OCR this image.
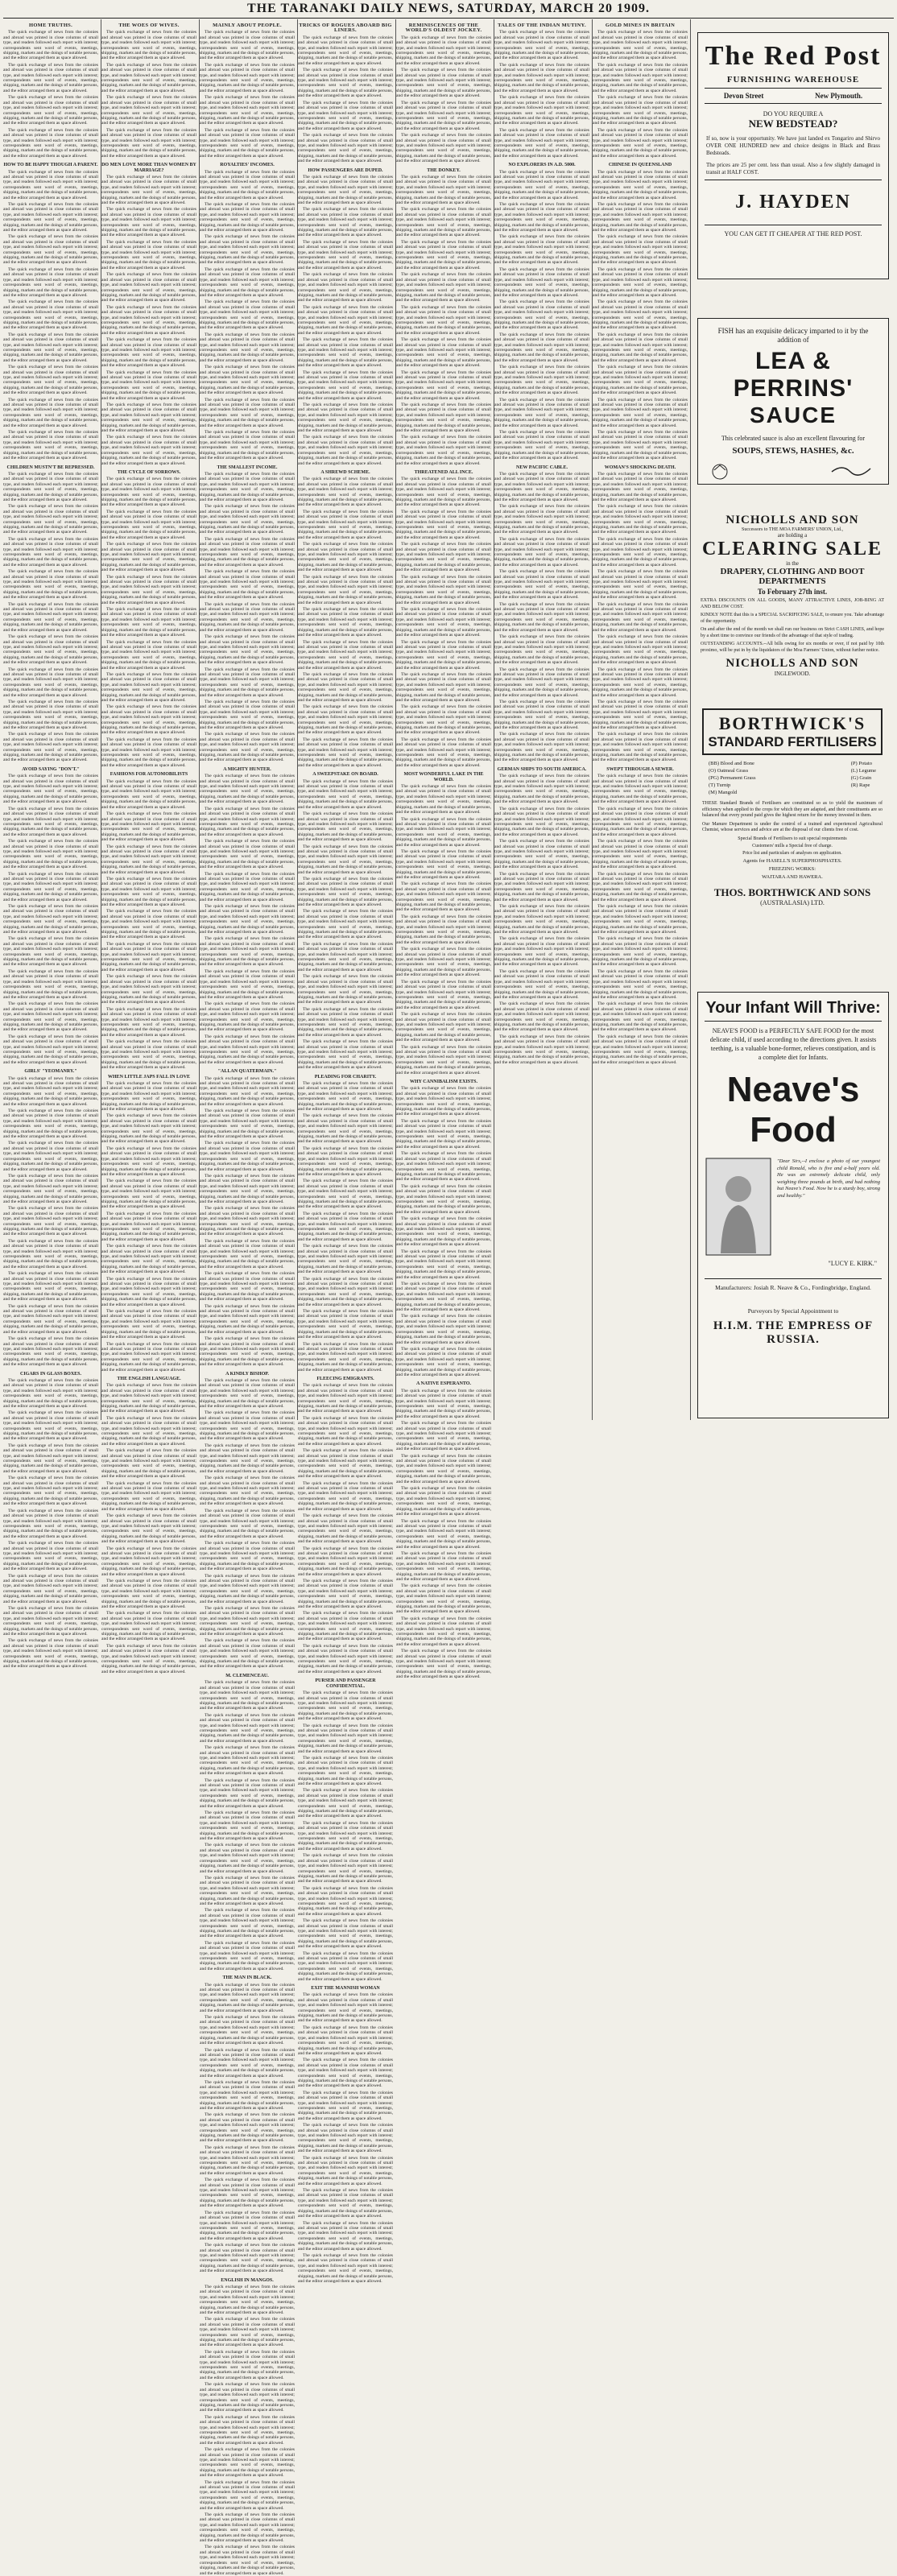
THE TARANAKI DAILY NEWS, SATURDAY, MARCH 20 1909.
HOME TRUTHS.

The quick exchange of news from the colonies and abroad was printed in close columns of small type, and readers followed each report with interest; correspondents sent word of events, meetings, shipping, markets and the doings of notable persons, and the editor arranged them as space allowed.

The quick exchange of news from the colonies and abroad was printed in close columns of small type, and readers followed each report with interest; correspondents sent word of events, meetings, shipping, markets and the doings of notable persons, and the editor arranged them as space allowed.

The quick exchange of news from the colonies and abroad was printed in close columns of small type, and readers followed each report with interest; correspondents sent word of events, meetings, shipping, markets and the doings of notable persons, and the editor arranged them as space allowed.

The quick exchange of news from the colonies and abroad was printed in close columns of small type, and readers followed each report with interest; correspondents sent word of events, meetings, shipping, markets and the doings of notable persons, and the editor arranged them as space allowed.

HOW TO BE HAPPY THOUGH A PARENT.

The quick exchange of news from the colonies and abroad was printed in close columns of small type, and readers followed each report with interest; correspondents sent word of events, meetings, shipping, markets and the doings of notable persons, and the editor arranged them as space allowed.

The quick exchange of news from the colonies and abroad was printed in close columns of small type, and readers followed each report with interest; correspondents sent word of events, meetings, shipping, markets and the doings of notable persons, and the editor arranged them as space allowed.

The quick exchange of news from the colonies and abroad was printed in close columns of small type, and readers followed each report with interest; correspondents sent word of events, meetings, shipping, markets and the doings of notable persons, and the editor arranged them as space allowed.

The quick exchange of news from the colonies and abroad was printed in close columns of small type, and readers followed each report with interest; correspondents sent word of events, meetings, shipping, markets and the doings of notable persons, and the editor arranged them as space allowed.

The quick exchange of news from the colonies and abroad was printed in close columns of small type, and readers followed each report with interest; correspondents sent word of events, meetings, shipping, markets and the doings of notable persons, and the editor arranged them as space allowed.

The quick exchange of news from the colonies and abroad was printed in close columns of small type, and readers followed each report with interest; correspondents sent word of events, meetings, shipping, markets and the doings of notable persons, and the editor arranged them as space allowed.

The quick exchange of news from the colonies and abroad was printed in close columns of small type, and readers followed each report with interest; correspondents sent word of events, meetings, shipping, markets and the doings of notable persons, and the editor arranged them as space allowed.

The quick exchange of news from the colonies and abroad was printed in close columns of small type, and readers followed each report with interest; correspondents sent word of events, meetings, shipping, markets and the doings of notable persons, and the editor arranged them as space allowed.

The quick exchange of news from the colonies and abroad was printed in close columns of small type, and readers followed each report with interest; correspondents sent word of events, meetings, shipping, markets and the doings of notable persons, and the editor arranged them as space allowed.

CHILDREN MUSTN'T BE REPRESSED.

The quick exchange of news from the colonies and abroad was printed in close columns of small type, and readers followed each report with interest; correspondents sent word of events, meetings, shipping, markets and the doings of notable persons, and the editor arranged them as space allowed.

The quick exchange of news from the colonies and abroad was printed in close columns of small type, and readers followed each report with interest; correspondents sent word of events, meetings, shipping, markets and the doings of notable persons, and the editor arranged them as space allowed.

The quick exchange of news from the colonies and abroad was printed in close columns of small type, and readers followed each report with interest; correspondents sent word of events, meetings, shipping, markets and the doings of notable persons, and the editor arranged them as space allowed.

The quick exchange of news from the colonies and abroad was printed in close columns of small type, and readers followed each report with interest; correspondents sent word of events, meetings, shipping, markets and the doings of notable persons, and the editor arranged them as space allowed.

The quick exchange of news from the colonies and abroad was printed in close columns of small type, and readers followed each report with interest; correspondents sent word of events, meetings, shipping, markets and the doings of notable persons, and the editor arranged them as space allowed.

The quick exchange of news from the colonies and abroad was printed in close columns of small type, and readers followed each report with interest; correspondents sent word of events, meetings, shipping, markets and the doings of notable persons, and the editor arranged them as space allowed.

The quick exchange of news from the colonies and abroad was printed in close columns of small type, and readers followed each report with interest; correspondents sent word of events, meetings, shipping, markets and the doings of notable persons, and the editor arranged them as space allowed.

The quick exchange of news from the colonies and abroad was printed in close columns of small type, and readers followed each report with interest; correspondents sent word of events, meetings, shipping, markets and the doings of notable persons, and the editor arranged them as space allowed.

The quick exchange of news from the colonies and abroad was printed in close columns of small type, and readers followed each report with interest; correspondents sent word of events, meetings, shipping, markets and the doings of notable persons, and the editor arranged them as space allowed.

AVOID SAYING "DON'T."

The quick exchange of news from the colonies and abroad was printed in close columns of small type, and readers followed each report with interest; correspondents sent word of events, meetings, shipping, markets and the doings of notable persons, and the editor arranged them as space allowed.

The quick exchange of news from the colonies and abroad was printed in close columns of small type, and readers followed each report with interest; correspondents sent word of events, meetings, shipping, markets and the doings of notable persons, and the editor arranged them as space allowed.

The quick exchange of news from the colonies and abroad was printed in close columns of small type, and readers followed each report with interest; correspondents sent word of events, meetings, shipping, markets and the doings of notable persons, and the editor arranged them as space allowed.

The quick exchange of news from the colonies and abroad was printed in close columns of small type, and readers followed each report with interest; correspondents sent word of events, meetings, shipping, markets and the doings of notable persons, and the editor arranged them as space allowed.

The quick exchange of news from the colonies and abroad was printed in close columns of small type, and readers followed each report with interest; correspondents sent word of events, meetings, shipping, markets and the doings of notable persons, and the editor arranged them as space allowed.

The quick exchange of news from the colonies and abroad was printed in close columns of small type, and readers followed each report with interest; correspondents sent word of events, meetings, shipping, markets and the doings of notable persons, and the editor arranged them as space allowed.

The quick exchange of news from the colonies and abroad was printed in close columns of small type, and readers followed each report with interest; correspondents sent word of events, meetings, shipping, markets and the doings of notable persons, and the editor arranged them as space allowed.

The quick exchange of news from the colonies and abroad was printed in close columns of small type, and readers followed each report with interest; correspondents sent word of events, meetings, shipping, markets and the doings of notable persons, and the editor arranged them as space allowed.

The quick exchange of news from the colonies and abroad was printed in close columns of small type, and readers followed each report with interest; correspondents sent word of events, meetings, shipping, markets and the doings of notable persons, and the editor arranged them as space allowed.

GIRLS' "YEOMANRY."

The quick exchange of news from the colonies and abroad was printed in close columns of small type, and readers followed each report with interest; correspondents sent word of events, meetings, shipping, markets and the doings of notable persons, and the editor arranged them as space allowed.

The quick exchange of news from the colonies and abroad was printed in close columns of small type, and readers followed each report with interest; correspondents sent word of events, meetings, shipping, markets and the doings of notable persons, and the editor arranged them as space allowed.

The quick exchange of news from the colonies and abroad was printed in close columns of small type, and readers followed each report with interest; correspondents sent word of events, meetings, shipping, markets and the doings of notable persons, and the editor arranged them as space allowed.

The quick exchange of news from the colonies and abroad was printed in close columns of small type, and readers followed each report with interest; correspondents sent word of events, meetings, shipping, markets and the doings of notable persons, and the editor arranged them as space allowed.

The quick exchange of news from the colonies and abroad was printed in close columns of small type, and readers followed each report with interest; correspondents sent word of events, meetings, shipping, markets and the doings of notable persons, and the editor arranged them as space allowed.

The quick exchange of news from the colonies and abroad was printed in close columns of small type, and readers followed each report with interest; correspondents sent word of events, meetings, shipping, markets and the doings of notable persons, and the editor arranged them as space allowed.

The quick exchange of news from the colonies and abroad was printed in close columns of small type, and readers followed each report with interest; correspondents sent word of events, meetings, shipping, markets and the doings of notable persons, and the editor arranged them as space allowed.

The quick exchange of news from the colonies and abroad was printed in close columns of small type, and readers followed each report with interest; correspondents sent word of events, meetings, shipping, markets and the doings of notable persons, and the editor arranged them as space allowed.

The quick exchange of news from the colonies and abroad was printed in close columns of small type, and readers followed each report with interest; correspondents sent word of events, meetings, shipping, markets and the doings of notable persons, and the editor arranged them as space allowed.

CIGARS IN GLASS BOXES.

The quick exchange of news from the colonies and abroad was printed in close columns of small type, and readers followed each report with interest; correspondents sent word of events, meetings, shipping, markets and the doings of notable persons, and the editor arranged them as space allowed.

The quick exchange of news from the colonies and abroad was printed in close columns of small type, and readers followed each report with interest; correspondents sent word of events, meetings, shipping, markets and the doings of notable persons, and the editor arranged them as space allowed.

The quick exchange of news from the colonies and abroad was printed in close columns of small type, and readers followed each report with interest; correspondents sent word of events, meetings, shipping, markets and the doings of notable persons, and the editor arranged them as space allowed.

The quick exchange of news from the colonies and abroad was printed in close columns of small type, and readers followed each report with interest; correspondents sent word of events, meetings, shipping, markets and the doings of notable persons, and the editor arranged them as space allowed.

The quick exchange of news from the colonies and abroad was printed in close columns of small type, and readers followed each report with interest; correspondents sent word of events, meetings, shipping, markets and the doings of notable persons, and the editor arranged them as space allowed.

The quick exchange of news from the colonies and abroad was printed in close columns of small type, and readers followed each report with interest; correspondents sent word of events, meetings, shipping, markets and the doings of notable persons, and the editor arranged them as space allowed.

The quick exchange of news from the colonies and abroad was printed in close columns of small type, and readers followed each report with interest; correspondents sent word of events, meetings, shipping, markets and the doings of notable persons, and the editor arranged them as space allowed.

The quick exchange of news from the colonies and abroad was printed in close columns of small type, and readers followed each report with interest; correspondents sent word of events, meetings, shipping, markets and the doings of notable persons, and the editor arranged them as space allowed.

The quick exchange of news from the colonies and abroad was printed in close columns of small type, and readers followed each report with interest; correspondents sent word of events, meetings, shipping, markets and the doings of notable persons, and the editor arranged them as space allowed.

THE WOES OF WIVES.

The quick exchange of news from the colonies and abroad was printed in close columns of small type, and readers followed each report with interest; correspondents sent word of events, meetings, shipping, markets and the doings of notable persons, and the editor arranged them as space allowed.

The quick exchange of news from the colonies and abroad was printed in close columns of small type, and readers followed each report with interest; correspondents sent word of events, meetings, shipping, markets and the doings of notable persons, and the editor arranged them as space allowed.

The quick exchange of news from the colonies and abroad was printed in close columns of small type, and readers followed each report with interest; correspondents sent word of events, meetings, shipping, markets and the doings of notable persons, and the editor arranged them as space allowed.

The quick exchange of news from the colonies and abroad was printed in close columns of small type, and readers followed each report with interest; correspondents sent word of events, meetings, shipping, markets and the doings of notable persons, and the editor arranged them as space allowed.

DO MEN LOVE MORE THAN WOMEN BY MARRIAGE?

The quick exchange of news from the colonies and abroad was printed in close columns of small type, and readers followed each report with interest; correspondents sent word of events, meetings, shipping, markets and the doings of notable persons, and the editor arranged them as space allowed.

The quick exchange of news from the colonies and abroad was printed in close columns of small type, and readers followed each report with interest; correspondents sent word of events, meetings, shipping, markets and the doings of notable persons, and the editor arranged them as space allowed.

The quick exchange of news from the colonies and abroad was printed in close columns of small type, and readers followed each report with interest; correspondents sent word of events, meetings, shipping, markets and the doings of notable persons, and the editor arranged them as space allowed.

The quick exchange of news from the colonies and abroad was printed in close columns of small type, and readers followed each report with interest; correspondents sent word of events, meetings, shipping, markets and the doings of notable persons, and the editor arranged them as space allowed.

The quick exchange of news from the colonies and abroad was printed in close columns of small type, and readers followed each report with interest; correspondents sent word of events, meetings, shipping, markets and the doings of notable persons, and the editor arranged them as space allowed.

The quick exchange of news from the colonies and abroad was printed in close columns of small type, and readers followed each report with interest; correspondents sent word of events, meetings, shipping, markets and the doings of notable persons, and the editor arranged them as space allowed.

The quick exchange of news from the colonies and abroad was printed in close columns of small type, and readers followed each report with interest; correspondents sent word of events, meetings, shipping, markets and the doings of notable persons, and the editor arranged them as space allowed.

The quick exchange of news from the colonies and abroad was printed in close columns of small type, and readers followed each report with interest; correspondents sent word of events, meetings, shipping, markets and the doings of notable persons, and the editor arranged them as space allowed.

The quick exchange of news from the colonies and abroad was printed in close columns of small type, and readers followed each report with interest; correspondents sent word of events, meetings, shipping, markets and the doings of notable persons, and the editor arranged them as space allowed.

THE CYCLE OF SORROWS.

The quick exchange of news from the colonies and abroad was printed in close columns of small type, and readers followed each report with interest; correspondents sent word of events, meetings, shipping, markets and the doings of notable persons, and the editor arranged them as space allowed.

The quick exchange of news from the colonies and abroad was printed in close columns of small type, and readers followed each report with interest; correspondents sent word of events, meetings, shipping, markets and the doings of notable persons, and the editor arranged them as space allowed.

The quick exchange of news from the colonies and abroad was printed in close columns of small type, and readers followed each report with interest; correspondents sent word of events, meetings, shipping, markets and the doings of notable persons, and the editor arranged them as space allowed.

The quick exchange of news from the colonies and abroad was printed in close columns of small type, and readers followed each report with interest; correspondents sent word of events, meetings, shipping, markets and the doings of notable persons, and the editor arranged them as space allowed.

The quick exchange of news from the colonies and abroad was printed in close columns of small type, and readers followed each report with interest; correspondents sent word of events, meetings, shipping, markets and the doings of notable persons, and the editor arranged them as space allowed.

The quick exchange of news from the colonies and abroad was printed in close columns of small type, and readers followed each report with interest; correspondents sent word of events, meetings, shipping, markets and the doings of notable persons, and the editor arranged them as space allowed.

The quick exchange of news from the colonies and abroad was printed in close columns of small type, and readers followed each report with interest; correspondents sent word of events, meetings, shipping, markets and the doings of notable persons, and the editor arranged them as space allowed.

The quick exchange of news from the colonies and abroad was printed in close columns of small type, and readers followed each report with interest; correspondents sent word of events, meetings, shipping, markets and the doings of notable persons, and the editor arranged them as space allowed.

The quick exchange of news from the colonies and abroad was printed in close columns of small type, and readers followed each report with interest; correspondents sent word of events, meetings, shipping, markets and the doings of notable persons, and the editor arranged them as space allowed.

FASHIONS FOR AUTOMOBILISTS

The quick exchange of news from the colonies and abroad was printed in close columns of small type, and readers followed each report with interest; correspondents sent word of events, meetings, shipping, markets and the doings of notable persons, and the editor arranged them as space allowed.

The quick exchange of news from the colonies and abroad was printed in close columns of small type, and readers followed each report with interest; correspondents sent word of events, meetings, shipping, markets and the doings of notable persons, and the editor arranged them as space allowed.

The quick exchange of news from the colonies and abroad was printed in close columns of small type, and readers followed each report with interest; correspondents sent word of events, meetings, shipping, markets and the doings of notable persons, and the editor arranged them as space allowed.

The quick exchange of news from the colonies and abroad was printed in close columns of small type, and readers followed each report with interest; correspondents sent word of events, meetings, shipping, markets and the doings of notable persons, and the editor arranged them as space allowed.

The quick exchange of news from the colonies and abroad was printed in close columns of small type, and readers followed each report with interest; correspondents sent word of events, meetings, shipping, markets and the doings of notable persons, and the editor arranged them as space allowed.

The quick exchange of news from the colonies and abroad was printed in close columns of small type, and readers followed each report with interest; correspondents sent word of events, meetings, shipping, markets and the doings of notable persons, and the editor arranged them as space allowed.

The quick exchange of news from the colonies and abroad was printed in close columns of small type, and readers followed each report with interest; correspondents sent word of events, meetings, shipping, markets and the doings of notable persons, and the editor arranged them as space allowed.

The quick exchange of news from the colonies and abroad was printed in close columns of small type, and readers followed each report with interest; correspondents sent word of events, meetings, shipping, markets and the doings of notable persons, and the editor arranged them as space allowed.

The quick exchange of news from the colonies and abroad was printed in close columns of small type, and readers followed each report with interest; correspondents sent word of events, meetings, shipping, markets and the doings of notable persons, and the editor arranged them as space allowed.

WHEN LITTLE JAPS FALL IN LOVE

The quick exchange of news from the colonies and abroad was printed in close columns of small type, and readers followed each report with interest; correspondents sent word of events, meetings, shipping, markets and the doings of notable persons, and the editor arranged them as space allowed.

The quick exchange of news from the colonies and abroad was printed in close columns of small type, and readers followed each report with interest; correspondents sent word of events, meetings, shipping, markets and the doings of notable persons, and the editor arranged them as space allowed.

The quick exchange of news from the colonies and abroad was printed in close columns of small type, and readers followed each report with interest; correspondents sent word of events, meetings, shipping, markets and the doings of notable persons, and the editor arranged them as space allowed.

The quick exchange of news from the colonies and abroad was printed in close columns of small type, and readers followed each report with interest; correspondents sent word of events, meetings, shipping, markets and the doings of notable persons, and the editor arranged them as space allowed.

The quick exchange of news from the colonies and abroad was printed in close columns of small type, and readers followed each report with interest; correspondents sent word of events, meetings, shipping, markets and the doings of notable persons, and the editor arranged them as space allowed.

The quick exchange of news from the colonies and abroad was printed in close columns of small type, and readers followed each report with interest; correspondents sent word of events, meetings, shipping, markets and the doings of notable persons, and the editor arranged them as space allowed.

The quick exchange of news from the colonies and abroad was printed in close columns of small type, and readers followed each report with interest; correspondents sent word of events, meetings, shipping, markets and the doings of notable persons, and the editor arranged them as space allowed.

The quick exchange of news from the colonies and abroad was printed in close columns of small type, and readers followed each report with interest; correspondents sent word of events, meetings, shipping, markets and the doings of notable persons, and the editor arranged them as space allowed.

The quick exchange of news from the colonies and abroad was printed in close columns of small type, and readers followed each report with interest; correspondents sent word of events, meetings, shipping, markets and the doings of notable persons, and the editor arranged them as space allowed.

THE ENGLISH LANGUAGE.

The quick exchange of news from the colonies and abroad was printed in close columns of small type, and readers followed each report with interest; correspondents sent word of events, meetings, shipping, markets and the doings of notable persons, and the editor arranged them as space allowed.

The quick exchange of news from the colonies and abroad was printed in close columns of small type, and readers followed each report with interest; correspondents sent word of events, meetings, shipping, markets and the doings of notable persons, and the editor arranged them as space allowed.

The quick exchange of news from the colonies and abroad was printed in close columns of small type, and readers followed each report with interest; correspondents sent word of events, meetings, shipping, markets and the doings of notable persons, and the editor arranged them as space allowed.

The quick exchange of news from the colonies and abroad was printed in close columns of small type, and readers followed each report with interest; correspondents sent word of events, meetings, shipping, markets and the doings of notable persons, and the editor arranged them as space allowed.

The quick exchange of news from the colonies and abroad was printed in close columns of small type, and readers followed each report with interest; correspondents sent word of events, meetings, shipping, markets and the doings of notable persons, and the editor arranged them as space allowed.

The quick exchange of news from the colonies and abroad was printed in close columns of small type, and readers followed each report with interest; correspondents sent word of events, meetings, shipping, markets and the doings of notable persons, and the editor arranged them as space allowed.

The quick exchange of news from the colonies and abroad was printed in close columns of small type, and readers followed each report with interest; correspondents sent word of events, meetings, shipping, markets and the doings of notable persons, and the editor arranged them as space allowed.

The quick exchange of news from the colonies and abroad was printed in close columns of small type, and readers followed each report with interest; correspondents sent word of events, meetings, shipping, markets and the doings of notable persons, and the editor arranged them as space allowed.

The quick exchange of news from the colonies and abroad was printed in close columns of small type, and readers followed each report with interest; correspondents sent word of events, meetings, shipping, markets and the doings of notable persons, and the editor arranged them as space allowed.

MAINLY ABOUT PEOPLE.

The quick exchange of news from the colonies and abroad was printed in close columns of small type, and readers followed each report with interest; correspondents sent word of events, meetings, shipping, markets and the doings of notable persons, and the editor arranged them as space allowed.

The quick exchange of news from the colonies and abroad was printed in close columns of small type, and readers followed each report with interest; correspondents sent word of events, meetings, shipping, markets and the doings of notable persons, and the editor arranged them as space allowed.

The quick exchange of news from the colonies and abroad was printed in close columns of small type, and readers followed each report with interest; correspondents sent word of events, meetings, shipping, markets and the doings of notable persons, and the editor arranged them as space allowed.

The quick exchange of news from the colonies and abroad was printed in close columns of small type, and readers followed each report with interest; correspondents sent word of events, meetings, shipping, markets and the doings of notable persons, and the editor arranged them as space allowed.

ROYALTIES' INCOMES.

The quick exchange of news from the colonies and abroad was printed in close columns of small type, and readers followed each report with interest; correspondents sent word of events, meetings, shipping, markets and the doings of notable persons, and the editor arranged them as space allowed.

The quick exchange of news from the colonies and abroad was printed in close columns of small type, and readers followed each report with interest; correspondents sent word of events, meetings, shipping, markets and the doings of notable persons, and the editor arranged them as space allowed.

The quick exchange of news from the colonies and abroad was printed in close columns of small type, and readers followed each report with interest; correspondents sent word of events, meetings, shipping, markets and the doings of notable persons, and the editor arranged them as space allowed.

The quick exchange of news from the colonies and abroad was printed in close columns of small type, and readers followed each report with interest; correspondents sent word of events, meetings, shipping, markets and the doings of notable persons, and the editor arranged them as space allowed.

The quick exchange of news from the colonies and abroad was printed in close columns of small type, and readers followed each report with interest; correspondents sent word of events, meetings, shipping, markets and the doings of notable persons, and the editor arranged them as space allowed.

The quick exchange of news from the colonies and abroad was printed in close columns of small type, and readers followed each report with interest; correspondents sent word of events, meetings, shipping, markets and the doings of notable persons, and the editor arranged them as space allowed.

The quick exchange of news from the colonies and abroad was printed in close columns of small type, and readers followed each report with interest; correspondents sent word of events, meetings, shipping, markets and the doings of notable persons, and the editor arranged them as space allowed.

The quick exchange of news from the colonies and abroad was printed in close columns of small type, and readers followed each report with interest; correspondents sent word of events, meetings, shipping, markets and the doings of notable persons, and the editor arranged them as space allowed.

The quick exchange of news from the colonies and abroad was printed in close columns of small type, and readers followed each report with interest; correspondents sent word of events, meetings, shipping, markets and the doings of notable persons, and the editor arranged them as space allowed.

THE SMALLEST INCOME.

The quick exchange of news from the colonies and abroad was printed in close columns of small type, and readers followed each report with interest; correspondents sent word of events, meetings, shipping, markets and the doings of notable persons, and the editor arranged them as space allowed.

The quick exchange of news from the colonies and abroad was printed in close columns of small type, and readers followed each report with interest; correspondents sent word of events, meetings, shipping, markets and the doings of notable persons, and the editor arranged them as space allowed.

The quick exchange of news from the colonies and abroad was printed in close columns of small type, and readers followed each report with interest; correspondents sent word of events, meetings, shipping, markets and the doings of notable persons, and the editor arranged them as space allowed.

The quick exchange of news from the colonies and abroad was printed in close columns of small type, and readers followed each report with interest; correspondents sent word of events, meetings, shipping, markets and the doings of notable persons, and the editor arranged them as space allowed.

The quick exchange of news from the colonies and abroad was printed in close columns of small type, and readers followed each report with interest; correspondents sent word of events, meetings, shipping, markets and the doings of notable persons, and the editor arranged them as space allowed.

The quick exchange of news from the colonies and abroad was printed in close columns of small type, and readers followed each report with interest; correspondents sent word of events, meetings, shipping, markets and the doings of notable persons, and the editor arranged them as space allowed.

The quick exchange of news from the colonies and abroad was printed in close columns of small type, and readers followed each report with interest; correspondents sent word of events, meetings, shipping, markets and the doings of notable persons, and the editor arranged them as space allowed.

The quick exchange of news from the colonies and abroad was printed in close columns of small type, and readers followed each report with interest; correspondents sent word of events, meetings, shipping, markets and the doings of notable persons, and the editor arranged them as space allowed.

The quick exchange of news from the colonies and abroad was printed in close columns of small type, and readers followed each report with interest; correspondents sent word of events, meetings, shipping, markets and the doings of notable persons, and the editor arranged them as space allowed.

A MIGHTY HUNTER.

The quick exchange of news from the colonies and abroad was printed in close columns of small type, and readers followed each report with interest; correspondents sent word of events, meetings, shipping, markets and the doings of notable persons, and the editor arranged them as space allowed.

The quick exchange of news from the colonies and abroad was printed in close columns of small type, and readers followed each report with interest; correspondents sent word of events, meetings, shipping, markets and the doings of notable persons, and the editor arranged them as space allowed.

The quick exchange of news from the colonies and abroad was printed in close columns of small type, and readers followed each report with interest; correspondents sent word of events, meetings, shipping, markets and the doings of notable persons, and the editor arranged them as space allowed.

The quick exchange of news from the colonies and abroad was printed in close columns of small type, and readers followed each report with interest; correspondents sent word of events, meetings, shipping, markets and the doings of notable persons, and the editor arranged them as space allowed.

The quick exchange of news from the colonies and abroad was printed in close columns of small type, and readers followed each report with interest; correspondents sent word of events, meetings, shipping, markets and the doings of notable persons, and the editor arranged them as space allowed.

The quick exchange of news from the colonies and abroad was printed in close columns of small type, and readers followed each report with interest; correspondents sent word of events, meetings, shipping, markets and the doings of notable persons, and the editor arranged them as space allowed.

The quick exchange of news from the colonies and abroad was printed in close columns of small type, and readers followed each report with interest; correspondents sent word of events, meetings, shipping, markets and the doings of notable persons, and the editor arranged them as space allowed.

The quick exchange of news from the colonies and abroad was printed in close columns of small type, and readers followed each report with interest; correspondents sent word of events, meetings, shipping, markets and the doings of notable persons, and the editor arranged them as space allowed.

The quick exchange of news from the colonies and abroad was printed in close columns of small type, and readers followed each report with interest; correspondents sent word of events, meetings, shipping, markets and the doings of notable persons, and the editor arranged them as space allowed.

"ALLAN QUATERMAIN."

The quick exchange of news from the colonies and abroad was printed in close columns of small type, and readers followed each report with interest; correspondents sent word of events, meetings, shipping, markets and the doings of notable persons, and the editor arranged them as space allowed.

The quick exchange of news from the colonies and abroad was printed in close columns of small type, and readers followed each report with interest; correspondents sent word of events, meetings, shipping, markets and the doings of notable persons, and the editor arranged them as space allowed.

The quick exchange of news from the colonies and abroad was printed in close columns of small type, and readers followed each report with interest; correspondents sent word of events, meetings, shipping, markets and the doings of notable persons, and the editor arranged them as space allowed.

The quick exchange of news from the colonies and abroad was printed in close columns of small type, and readers followed each report with interest; correspondents sent word of events, meetings, shipping, markets and the doings of notable persons, and the editor arranged them as space allowed.

The quick exchange of news from the colonies and abroad was printed in close columns of small type, and readers followed each report with interest; correspondents sent word of events, meetings, shipping, markets and the doings of notable persons, and the editor arranged them as space allowed.

The quick exchange of news from the colonies and abroad was printed in close columns of small type, and readers followed each report with interest; correspondents sent word of events, meetings, shipping, markets and the doings of notable persons, and the editor arranged them as space allowed.

The quick exchange of news from the colonies and abroad was printed in close columns of small type, and readers followed each report with interest; correspondents sent word of events, meetings, shipping, markets and the doings of notable persons, and the editor arranged them as space allowed.

The quick exchange of news from the colonies and abroad was printed in close columns of small type, and readers followed each report with interest; correspondents sent word of events, meetings, shipping, markets and the doings of notable persons, and the editor arranged them as space allowed.

The quick exchange of news from the colonies and abroad was printed in close columns of small type, and readers followed each report with interest; correspondents sent word of events, meetings, shipping, markets and the doings of notable persons, and the editor arranged them as space allowed.

A KINDLY BISHOP.

The quick exchange of news from the colonies and abroad was printed in close columns of small type, and readers followed each report with interest; correspondents sent word of events, meetings, shipping, markets and the doings of notable persons, and the editor arranged them as space allowed.

The quick exchange of news from the colonies and abroad was printed in close columns of small type, and readers followed each report with interest; correspondents sent word of events, meetings, shipping, markets and the doings of notable persons, and the editor arranged them as space allowed.

The quick exchange of news from the colonies and abroad was printed in close columns of small type, and readers followed each report with interest; correspondents sent word of events, meetings, shipping, markets and the doings of notable persons, and the editor arranged them as space allowed.

The quick exchange of news from the colonies and abroad was printed in close columns of small type, and readers followed each report with interest; correspondents sent word of events, meetings, shipping, markets and the doings of notable persons, and the editor arranged them as space allowed.

The quick exchange of news from the colonies and abroad was printed in close columns of small type, and readers followed each report with interest; correspondents sent word of events, meetings, shipping, markets and the doings of notable persons, and the editor arranged them as space allowed.

The quick exchange of news from the colonies and abroad was printed in close columns of small type, and readers followed each report with interest; correspondents sent word of events, meetings, shipping, markets and the doings of notable persons, and the editor arranged them as space allowed.

The quick exchange of news from the colonies and abroad was printed in close columns of small type, and readers followed each report with interest; correspondents sent word of events, meetings, shipping, markets and the doings of notable persons, and the editor arranged them as space allowed.

The quick exchange of news from the colonies and abroad was printed in close columns of small type, and readers followed each report with interest; correspondents sent word of events, meetings, shipping, markets and the doings of notable persons, and the editor arranged them as space allowed.

The quick exchange of news from the colonies and abroad was printed in close columns of small type, and readers followed each report with interest; correspondents sent word of events, meetings, shipping, markets and the doings of notable persons, and the editor arranged them as space allowed.

M. CLEMENCEAU.

The quick exchange of news from the colonies and abroad was printed in close columns of small type, and readers followed each report with interest; correspondents sent word of events, meetings, shipping, markets and the doings of notable persons, and the editor arranged them as space allowed.

The quick exchange of news from the colonies and abroad was printed in close columns of small type, and readers followed each report with interest; correspondents sent word of events, meetings, shipping, markets and the doings of notable persons, and the editor arranged them as space allowed.

The quick exchange of news from the colonies and abroad was printed in close columns of small type, and readers followed each report with interest; correspondents sent word of events, meetings, shipping, markets and the doings of notable persons, and the editor arranged them as space allowed.

The quick exchange of news from the colonies and abroad was printed in close columns of small type, and readers followed each report with interest; correspondents sent word of events, meetings, shipping, markets and the doings of notable persons, and the editor arranged them as space allowed.

The quick exchange of news from the colonies and abroad was printed in close columns of small type, and readers followed each report with interest; correspondents sent word of events, meetings, shipping, markets and the doings of notable persons, and the editor arranged them as space allowed.

The quick exchange of news from the colonies and abroad was printed in close columns of small type, and readers followed each report with interest; correspondents sent word of events, meetings, shipping, markets and the doings of notable persons, and the editor arranged them as space allowed.

The quick exchange of news from the colonies and abroad was printed in close columns of small type, and readers followed each report with interest; correspondents sent word of events, meetings, shipping, markets and the doings of notable persons, and the editor arranged them as space allowed.

The quick exchange of news from the colonies and abroad was printed in close columns of small type, and readers followed each report with interest; correspondents sent word of events, meetings, shipping, markets and the doings of notable persons, and the editor arranged them as space allowed.

The quick exchange of news from the colonies and abroad was printed in close columns of small type, and readers followed each report with interest; correspondents sent word of events, meetings, shipping, markets and the doings of notable persons, and the editor arranged them as space allowed.

THE MAN IN BLACK.

The quick exchange of news from the colonies and abroad was printed in close columns of small type, and readers followed each report with interest; correspondents sent word of events, meetings, shipping, markets and the doings of notable persons, and the editor arranged them as space allowed.

The quick exchange of news from the colonies and abroad was printed in close columns of small type, and readers followed each report with interest; correspondents sent word of events, meetings, shipping, markets and the doings of notable persons, and the editor arranged them as space allowed.

The quick exchange of news from the colonies and abroad was printed in close columns of small type, and readers followed each report with interest; correspondents sent word of events, meetings, shipping, markets and the doings of notable persons, and the editor arranged them as space allowed.

The quick exchange of news from the colonies and abroad was printed in close columns of small type, and readers followed each report with interest; correspondents sent word of events, meetings, shipping, markets and the doings of notable persons, and the editor arranged them as space allowed.

The quick exchange of news from the colonies and abroad was printed in close columns of small type, and readers followed each report with interest; correspondents sent word of events, meetings, shipping, markets and the doings of notable persons, and the editor arranged them as space allowed.

The quick exchange of news from the colonies and abroad was printed in close columns of small type, and readers followed each report with interest; correspondents sent word of events, meetings, shipping, markets and the doings of notable persons, and the editor arranged them as space allowed.

The quick exchange of news from the colonies and abroad was printed in close columns of small type, and readers followed each report with interest; correspondents sent word of events, meetings, shipping, markets and the doings of notable persons, and the editor arranged them as space allowed.

The quick exchange of news from the colonies and abroad was printed in close columns of small type, and readers followed each report with interest; correspondents sent word of events, meetings, shipping, markets and the doings of notable persons, and the editor arranged them as space allowed.

The quick exchange of news from the colonies and abroad was printed in close columns of small type, and readers followed each report with interest; correspondents sent word of events, meetings, shipping, markets and the doings of notable persons, and the editor arranged them as space allowed.

ENGLISH IN MANGOS.

The quick exchange of news from the colonies and abroad was printed in close columns of small type, and readers followed each report with interest; correspondents sent word of events, meetings, shipping, markets and the doings of notable persons, and the editor arranged them as space allowed.

The quick exchange of news from the colonies and abroad was printed in close columns of small type, and readers followed each report with interest; correspondents sent word of events, meetings, shipping, markets and the doings of notable persons, and the editor arranged them as space allowed.

The quick exchange of news from the colonies and abroad was printed in close columns of small type, and readers followed each report with interest; correspondents sent word of events, meetings, shipping, markets and the doings of notable persons, and the editor arranged them as space allowed.

The quick exchange of news from the colonies and abroad was printed in close columns of small type, and readers followed each report with interest; correspondents sent word of events, meetings, shipping, markets and the doings of notable persons, and the editor arranged them as space allowed.

The quick exchange of news from the colonies and abroad was printed in close columns of small type, and readers followed each report with interest; correspondents sent word of events, meetings, shipping, markets and the doings of notable persons, and the editor arranged them as space allowed.

The quick exchange of news from the colonies and abroad was printed in close columns of small type, and readers followed each report with interest; correspondents sent word of events, meetings, shipping, markets and the doings of notable persons, and the editor arranged them as space allowed.

The quick exchange of news from the colonies and abroad was printed in close columns of small type, and readers followed each report with interest; correspondents sent word of events, meetings, shipping, markets and the doings of notable persons, and the editor arranged them as space allowed.

The quick exchange of news from the colonies and abroad was printed in close columns of small type, and readers followed each report with interest; correspondents sent word of events, meetings, shipping, markets and the doings of notable persons, and the editor arranged them as space allowed.

The quick exchange of news from the colonies and abroad was printed in close columns of small type, and readers followed each report with interest; correspondents sent word of events, meetings, shipping, markets and the doings of notable persons, and the editor arranged them as space allowed.

TRICKS OF ROGUES ABOARD BIG LINERS.

The quick exchange of news from the colonies and abroad was printed in close columns of small type, and readers followed each report with interest; correspondents sent word of events, meetings, shipping, markets and the doings of notable persons, and the editor arranged them as space allowed.

The quick exchange of news from the colonies and abroad was printed in close columns of small type, and readers followed each report with interest; correspondents sent word of events, meetings, shipping, markets and the doings of notable persons, and the editor arranged them as space allowed.

The quick exchange of news from the colonies and abroad was printed in close columns of small type, and readers followed each report with interest; correspondents sent word of events, meetings, shipping, markets and the doings of notable persons, and the editor arranged them as space allowed.

The quick exchange of news from the colonies and abroad was printed in close columns of small type, and readers followed each report with interest; correspondents sent word of events, meetings, shipping, markets and the doings of notable persons, and the editor arranged them as space allowed.

HOW PASSENGERS ARE DUPED.

The quick exchange of news from the colonies and abroad was printed in close columns of small type, and readers followed each report with interest; correspondents sent word of events, meetings, shipping, markets and the doings of notable persons, and the editor arranged them as space allowed.

The quick exchange of news from the colonies and abroad was printed in close columns of small type, and readers followed each report with interest; correspondents sent word of events, meetings, shipping, markets and the doings of notable persons, and the editor arranged them as space allowed.

The quick exchange of news from the colonies and abroad was printed in close columns of small type, and readers followed each report with interest; correspondents sent word of events, meetings, shipping, markets and the doings of notable persons, and the editor arranged them as space allowed.

The quick exchange of news from the colonies and abroad was printed in close columns of small type, and readers followed each report with interest; correspondents sent word of events, meetings, shipping, markets and the doings of notable persons, and the editor arranged them as space allowed.

The quick exchange of news from the colonies and abroad was printed in close columns of small type, and readers followed each report with interest; correspondents sent word of events, meetings, shipping, markets and the doings of notable persons, and the editor arranged them as space allowed.

The quick exchange of news from the colonies and abroad was printed in close columns of small type, and readers followed each report with interest; correspondents sent word of events, meetings, shipping, markets and the doings of notable persons, and the editor arranged them as space allowed.

The quick exchange of news from the colonies and abroad was printed in close columns of small type, and readers followed each report with interest; correspondents sent word of events, meetings, shipping, markets and the doings of notable persons, and the editor arranged them as space allowed.

The quick exchange of news from the colonies and abroad was printed in close columns of small type, and readers followed each report with interest; correspondents sent word of events, meetings, shipping, markets and the doings of notable persons, and the editor arranged them as space allowed.

The quick exchange of news from the colonies and abroad was printed in close columns of small type, and readers followed each report with interest; correspondents sent word of events, meetings, shipping, markets and the doings of notable persons, and the editor arranged them as space allowed.

A SHREWD SCHEME.

The quick exchange of news from the colonies and abroad was printed in close columns of small type, and readers followed each report with interest; correspondents sent word of events, meetings, shipping, markets and the doings of notable persons, and the editor arranged them as space allowed.

The quick exchange of news from the colonies and abroad was printed in close columns of small type, and readers followed each report with interest; correspondents sent word of events, meetings, shipping, markets and the doings of notable persons, and the editor arranged them as space allowed.

The quick exchange of news from the colonies and abroad was printed in close columns of small type, and readers followed each report with interest; correspondents sent word of events, meetings, shipping, markets and the doings of notable persons, and the editor arranged them as space allowed.

The quick exchange of news from the colonies and abroad was printed in close columns of small type, and readers followed each report with interest; correspondents sent word of events, meetings, shipping, markets and the doings of notable persons, and the editor arranged them as space allowed.

The quick exchange of news from the colonies and abroad was printed in close columns of small type, and readers followed each report with interest; correspondents sent word of events, meetings, shipping, markets and the doings of notable persons, and the editor arranged them as space allowed.

The quick exchange of news from the colonies and abroad was printed in close columns of small type, and readers followed each report with interest; correspondents sent word of events, meetings, shipping, markets and the doings of notable persons, and the editor arranged them as space allowed.

The quick exchange of news from the colonies and abroad was printed in close columns of small type, and readers followed each report with interest; correspondents sent word of events, meetings, shipping, markets and the doings of notable persons, and the editor arranged them as space allowed.

The quick exchange of news from the colonies and abroad was printed in close columns of small type, and readers followed each report with interest; correspondents sent word of events, meetings, shipping, markets and the doings of notable persons, and the editor arranged them as space allowed.

The quick exchange of news from the colonies and abroad was printed in close columns of small type, and readers followed each report with interest; correspondents sent word of events, meetings, shipping, markets and the doings of notable persons, and the editor arranged them as space allowed.

A SWEEPSTAKE ON BOARD.

The quick exchange of news from the colonies and abroad was printed in close columns of small type, and readers followed each report with interest; correspondents sent word of events, meetings, shipping, markets and the doings of notable persons, and the editor arranged them as space allowed.

The quick exchange of news from the colonies and abroad was printed in close columns of small type, and readers followed each report with interest; correspondents sent word of events, meetings, shipping, markets and the doings of notable persons, and the editor arranged them as space allowed.

The quick exchange of news from the colonies and abroad was printed in close columns of small type, and readers followed each report with interest; correspondents sent word of events, meetings, shipping, markets and the doings of notable persons, and the editor arranged them as space allowed.

The quick exchange of news from the colonies and abroad was printed in close columns of small type, and readers followed each report with interest; correspondents sent word of events, meetings, shipping, markets and the doings of notable persons, and the editor arranged them as space allowed.

The quick exchange of news from the colonies and abroad was printed in close columns of small type, and readers followed each report with interest; correspondents sent word of events, meetings, shipping, markets and the doings of notable persons, and the editor arranged them as space allowed.

The quick exchange of news from the colonies and abroad was printed in close columns of small type, and readers followed each report with interest; correspondents sent word of events, meetings, shipping, markets and the doings of notable persons, and the editor arranged them as space allowed.

The quick exchange of news from the colonies and abroad was printed in close columns of small type, and readers followed each report with interest; correspondents sent word of events, meetings, shipping, markets and the doings of notable persons, and the editor arranged them as space allowed.

The quick exchange of news from the colonies and abroad was printed in close columns of small type, and readers followed each report with interest; correspondents sent word of events, meetings, shipping, markets and the doings of notable persons, and the editor arranged them as space allowed.

The quick exchange of news from the colonies and abroad was printed in close columns of small type, and readers followed each report with interest; correspondents sent word of events, meetings, shipping, markets and the doings of notable persons, and the editor arranged them as space allowed.

PLEADING FOR CHARITY.

The quick exchange of news from the colonies and abroad was printed in close columns of small type, and readers followed each report with interest; correspondents sent word of events, meetings, shipping, markets and the doings of notable persons, and the editor arranged them as space allowed.

The quick exchange of news from the colonies and abroad was printed in close columns of small type, and readers followed each report with interest; correspondents sent word of events, meetings, shipping, markets and the doings of notable persons, and the editor arranged them as space allowed.

The quick exchange of news from the colonies and abroad was printed in close columns of small type, and readers followed each report with interest; correspondents sent word of events, meetings, shipping, markets and the doings of notable persons, and the editor arranged them as space allowed.

The quick exchange of news from the colonies and abroad was printed in close columns of small type, and readers followed each report with interest; correspondents sent word of events, meetings, shipping, markets and the doings of notable persons, and the editor arranged them as space allowed.

The quick exchange of news from the colonies and abroad was printed in close columns of small type, and readers followed each report with interest; correspondents sent word of events, meetings, shipping, markets and the doings of notable persons, and the editor arranged them as space allowed.

The quick exchange of news from the colonies and abroad was printed in close columns of small type, and readers followed each report with interest; correspondents sent word of events, meetings, shipping, markets and the doings of notable persons, and the editor arranged them as space allowed.

The quick exchange of news from the colonies and abroad was printed in close columns of small type, and readers followed each report with interest; correspondents sent word of events, meetings, shipping, markets and the doings of notable persons, and the editor arranged them as space allowed.

The quick exchange of news from the colonies and abroad was printed in close columns of small type, and readers followed each report with interest; correspondents sent word of events, meetings, shipping, markets and the doings of notable persons, and the editor arranged them as space allowed.

The quick exchange of news from the colonies and abroad was printed in close columns of small type, and readers followed each report with interest; correspondents sent word of events, meetings, shipping, markets and the doings of notable persons, and the editor arranged them as space allowed.

FLEECING EMIGRANTS.

The quick exchange of news from the colonies and abroad was printed in close columns of small type, and readers followed each report with interest; correspondents sent word of events, meetings, shipping, markets and the doings of notable persons, and the editor arranged them as space allowed.

The quick exchange of news from the colonies and abroad was printed in close columns of small type, and readers followed each report with interest; correspondents sent word of events, meetings, shipping, markets and the doings of notable persons, and the editor arranged them as space allowed.

The quick exchange of news from the colonies and abroad was printed in close columns of small type, and readers followed each report with interest; correspondents sent word of events, meetings, shipping, markets and the doings of notable persons, and the editor arranged them as space allowed.

The quick exchange of news from the colonies and abroad was printed in close columns of small type, and readers followed each report with interest; correspondents sent word of events, meetings, shipping, markets and the doings of notable persons, and the editor arranged them as space allowed.

The quick exchange of news from the colonies and abroad was printed in close columns of small type, and readers followed each report with interest; correspondents sent word of events, meetings, shipping, markets and the doings of notable persons, and the editor arranged them as space allowed.

The quick exchange of news from the colonies and abroad was printed in close columns of small type, and readers followed each report with interest; correspondents sent word of events, meetings, shipping, markets and the doings of notable persons, and the editor arranged them as space allowed.

The quick exchange of news from the colonies and abroad was printed in close columns of small type, and readers followed each report with interest; correspondents sent word of events, meetings, shipping, markets and the doings of notable persons, and the editor arranged them as space allowed.

The quick exchange of news from the colonies and abroad was printed in close columns of small type, and readers followed each report with interest; correspondents sent word of events, meetings, shipping, markets and the doings of notable persons, and the editor arranged them as space allowed.

The quick exchange of news from the colonies and abroad was printed in close columns of small type, and readers followed each report with interest; correspondents sent word of events, meetings, shipping, markets and the doings of notable persons, and the editor arranged them as space allowed.

PURSER AND PASSENGER CONFIDENTIAL.

The quick exchange of news from the colonies and abroad was printed in close columns of small type, and readers followed each report with interest; correspondents sent word of events, meetings, shipping, markets and the doings of notable persons, and the editor arranged them as space allowed.

The quick exchange of news from the colonies and abroad was printed in close columns of small type, and readers followed each report with interest; correspondents sent word of events, meetings, shipping, markets and the doings of notable persons, and the editor arranged them as space allowed.

The quick exchange of news from the colonies and abroad was printed in close columns of small type, and readers followed each report with interest; correspondents sent word of events, meetings, shipping, markets and the doings of notable persons, and the editor arranged them as space allowed.

The quick exchange of news from the colonies and abroad was printed in close columns of small type, and readers followed each report with interest; correspondents sent word of events, meetings, shipping, markets and the doings of notable persons, and the editor arranged them as space allowed.

The quick exchange of news from the colonies and abroad was printed in close columns of small type, and readers followed each report with interest; correspondents sent word of events, meetings, shipping, markets and the doings of notable persons, and the editor arranged them as space allowed.

The quick exchange of news from the colonies and abroad was printed in close columns of small type, and readers followed each report with interest; correspondents sent word of events, meetings, shipping, markets and the doings of notable persons, and the editor arranged them as space allowed.

The quick exchange of news from the colonies and abroad was printed in close columns of small type, and readers followed each report with interest; correspondents sent word of events, meetings, shipping, markets and the doings of notable persons, and the editor arranged them as space allowed.

The quick exchange of news from the colonies and abroad was printed in close columns of small type, and readers followed each report with interest; correspondents sent word of events, meetings, shipping, markets and the doings of notable persons, and the editor arranged them as space allowed.

The quick exchange of news from the colonies and abroad was printed in close columns of small type, and readers followed each report with interest; correspondents sent word of events, meetings, shipping, markets and the doings of notable persons, and the editor arranged them as space allowed.

EXIT THE MANNISH WOMAN

The quick exchange of news from the colonies and abroad was printed in close columns of small type, and readers followed each report with interest; correspondents sent word of events, meetings, shipping, markets and the doings of notable persons, and the editor arranged them as space allowed.

The quick exchange of news from the colonies and abroad was printed in close columns of small type, and readers followed each report with interest; correspondents sent word of events, meetings, shipping, markets and the doings of notable persons, and the editor arranged them as space allowed.

The quick exchange of news from the colonies and abroad was printed in close columns of small type, and readers followed each report with interest; correspondents sent word of events, meetings, shipping, markets and the doings of notable persons, and the editor arranged them as space allowed.

The quick exchange of news from the colonies and abroad was printed in close columns of small type, and readers followed each report with interest; correspondents sent word of events, meetings, shipping, markets and the doings of notable persons, and the editor arranged them as space allowed.

The quick exchange of news from the colonies and abroad was printed in close columns of small type, and readers followed each report with interest; correspondents sent word of events, meetings, shipping, markets and the doings of notable persons, and the editor arranged them as space allowed.

The quick exchange of news from the colonies and abroad was printed in close columns of small type, and readers followed each report with interest; correspondents sent word of events, meetings, shipping, markets and the doings of notable persons, and the editor arranged them as space allowed.

The quick exchange of news from the colonies and abroad was printed in close columns of small type, and readers followed each report with interest; correspondents sent word of events, meetings, shipping, markets and the doings of notable persons, and the editor arranged them as space allowed.

The quick exchange of news from the colonies and abroad was printed in close columns of small type, and readers followed each report with interest; correspondents sent word of events, meetings, shipping, markets and the doings of notable persons, and the editor arranged them as space allowed.

The quick exchange of news from the colonies and abroad was printed in close columns of small type, and readers followed each report with interest; correspondents sent word of events, meetings, shipping, markets and the doings of notable persons, and the editor arranged them as space allowed.

REMINISCENCES OF THE WORLD'S OLDEST JOCKEY.

The quick exchange of news from the colonies and abroad was printed in close columns of small type, and readers followed each report with interest; correspondents sent word of events, meetings, shipping, markets and the doings of notable persons, and the editor arranged them as space allowed.

The quick exchange of news from the colonies and abroad was printed in close columns of small type, and readers followed each report with interest; correspondents sent word of events, meetings, shipping, markets and the doings of notable persons, and the editor arranged them as space allowed.

The quick exchange of news from the colonies and abroad was printed in close columns of small type, and readers followed each report with interest; correspondents sent word of events, meetings, shipping, markets and the doings of notable persons, and the editor arranged them as space allowed.

The quick exchange of news from the colonies and abroad was printed in close columns of small type, and readers followed each report with interest; correspondents sent word of events, meetings, shipping, markets and the doings of notable persons, and the editor arranged them as space allowed.

THE DONKEY.

The quick exchange of news from the colonies and abroad was printed in close columns of small type, and readers followed each report with interest; correspondents sent word of events, meetings, shipping, markets and the doings of notable persons, and the editor arranged them as space allowed.

The quick exchange of news from the colonies and abroad was printed in close columns of small type, and readers followed each report with interest; correspondents sent word of events, meetings, shipping, markets and the doings of notable persons, and the editor arranged them as space allowed.

The quick exchange of news from the colonies and abroad was printed in close columns of small type, and readers followed each report with interest; correspondents sent word of events, meetings, shipping, markets and the doings of notable persons, and the editor arranged them as space allowed.

The quick exchange of news from the colonies and abroad was printed in close columns of small type, and readers followed each report with interest; correspondents sent word of events, meetings, shipping, markets and the doings of notable persons, and the editor arranged them as space allowed.

The quick exchange of news from the colonies and abroad was printed in close columns of small type, and readers followed each report with interest; correspondents sent word of events, meetings, shipping, markets and the doings of notable persons, and the editor arranged them as space allowed.

The quick exchange of news from the colonies and abroad was printed in close columns of small type, and readers followed each report with interest; correspondents sent word of events, meetings, shipping, markets and the doings of notable persons, and the editor arranged them as space allowed.

The quick exchange of news from the colonies and abroad was printed in close columns of small type, and readers followed each report with interest; correspondents sent word of events, meetings, shipping, markets and the doings of notable persons, and the editor arranged them as space allowed.

The quick exchange of news from the colonies and abroad was printed in close columns of small type, and readers followed each report with interest; correspondents sent word of events, meetings, shipping, markets and the doings of notable persons, and the editor arranged them as space allowed.

The quick exchange of news from the colonies and abroad was printed in close columns of small type, and readers followed each report with interest; correspondents sent word of events, meetings, shipping, markets and the doings of notable persons, and the editor arranged them as space allowed.

THREATENED ALL INCE.

The quick exchange of news from the colonies and abroad was printed in close columns of small type, and readers followed each report with interest; correspondents sent word of events, meetings, shipping, markets and the doings of notable persons, and the editor arranged them as space allowed.

The quick exchange of news from the colonies and abroad was printed in close columns of small type, and readers followed each report with interest; correspondents sent word of events, meetings, shipping, markets and the doings of notable persons, and the editor arranged them as space allowed.

The quick exchange of news from the colonies and abroad was printed in close columns of small type, and readers followed each report with interest; correspondents sent word of events, meetings, shipping, markets and the doings of notable persons, and the editor arranged them as space allowed.

The quick exchange of news from the colonies and abroad was printed in close columns of small type, and readers followed each report with interest; correspondents sent word of events, meetings, shipping, markets and the doings of notable persons, and the editor arranged them as space allowed.

The quick exchange of news from the colonies and abroad was printed in close columns of small type, and readers followed each report with interest; correspondents sent word of events, meetings, shipping, markets and the doings of notable persons, and the editor arranged them as space allowed.

The quick exchange of news from the colonies and abroad was printed in close columns of small type, and readers followed each report with interest; correspondents sent word of events, meetings, shipping, markets and the doings of notable persons, and the editor arranged them as space allowed.

The quick exchange of news from the colonies and abroad was printed in close columns of small type, and readers followed each report with interest; correspondents sent word of events, meetings, shipping, markets and the doings of notable persons, and the editor arranged them as space allowed.

The quick exchange of news from the colonies and abroad was printed in close columns of small type, and readers followed each report with interest; correspondents sent word of events, meetings, shipping, markets and the doings of notable persons, and the editor arranged them as space allowed.

The quick exchange of news from the colonies and abroad was printed in close columns of small type, and readers followed each report with interest; correspondents sent word of events, meetings, shipping, markets and the doings of notable persons, and the editor arranged them as space allowed.

MOST WONDERFUL LAKE IN THE WORLD.

The quick exchange of news from the colonies and abroad was printed in close columns of small type, and readers followed each report with interest; correspondents sent word of events, meetings, shipping, markets and the doings of notable persons, and the editor arranged them as space allowed.

The quick exchange of news from the colonies and abroad was printed in close columns of small type, and readers followed each report with interest; correspondents sent word of events, meetings, shipping, markets and the doings of notable persons, and the editor arranged them as space allowed.

The quick exchange of news from the colonies and abroad was printed in close columns of small type, and readers followed each report with interest; correspondents sent word of events, meetings, shipping, markets and the doings of notable persons, and the editor arranged them as space allowed.

The quick exchange of news from the colonies and abroad was printed in close columns of small type, and readers followed each report with interest; correspondents sent word of events, meetings, shipping, markets and the doings of notable persons, and the editor arranged them as space allowed.

The quick exchange of news from the colonies and abroad was printed in close columns of small type, and readers followed each report with interest; correspondents sent word of events, meetings, shipping, markets and the doings of notable persons, and the editor arranged them as space allowed.

The quick exchange of news from the colonies and abroad was printed in close columns of small type, and readers followed each report with interest; correspondents sent word of events, meetings, shipping, markets and the doings of notable persons, and the editor arranged them as space allowed.

The quick exchange of news from the colonies and abroad was printed in close columns of small type, and readers followed each report with interest; correspondents sent word of events, meetings, shipping, markets and the doings of notable persons, and the editor arranged them as space allowed.

The quick exchange of news from the colonies and abroad was printed in close columns of small type, and readers followed each report with interest; correspondents sent word of events, meetings, shipping, markets and the doings of notable persons, and the editor arranged them as space allowed.

The quick exchange of news from the colonies and abroad was printed in close columns of small type, and readers followed each report with interest; correspondents sent word of events, meetings, shipping, markets and the doings of notable persons, and the editor arranged them as space allowed.

WHY CANNIBALISM EXISTS.

The quick exchange of news from the colonies and abroad was printed in close columns of small type, and readers followed each report with interest; correspondents sent word of events, meetings, shipping, markets and the doings of notable persons, and the editor arranged them as space allowed.

The quick exchange of news from the colonies and abroad was printed in close columns of small type, and readers followed each report with interest; correspondents sent word of events, meetings, shipping, markets and the doings of notable persons, and the editor arranged them as space allowed.

The quick exchange of news from the colonies and abroad was printed in close columns of small type, and readers followed each report with interest; correspondents sent word of events, meetings, shipping, markets and the doings of notable persons, and the editor arranged them as space allowed.

The quick exchange of news from the colonies and abroad was printed in close columns of small type, and readers followed each report with interest; correspondents sent word of events, meetings, shipping, markets and the doings of notable persons, and the editor arranged them as space allowed.

The quick exchange of news from the colonies and abroad was printed in close columns of small type, and readers followed each report with interest; correspondents sent word of events, meetings, shipping, markets and the doings of notable persons, and the editor arranged them as space allowed.

The quick exchange of news from the colonies and abroad was printed in close columns of small type, and readers followed each report with interest; correspondents sent word of events, meetings, shipping, markets and the doings of notable persons, and the editor arranged them as space allowed.

The quick exchange of news from the colonies and abroad was printed in close columns of small type, and readers followed each report with interest; correspondents sent word of events, meetings, shipping, markets and the doings of notable persons, and the editor arranged them as space allowed.

The quick exchange of news from the colonies and abroad was printed in close columns of small type, and readers followed each report with interest; correspondents sent word of events, meetings, shipping, markets and the doings of notable persons, and the editor arranged them as space allowed.

The quick exchange of news from the colonies and abroad was printed in close columns of small type, and readers followed each report with interest; correspondents sent word of events, meetings, shipping, markets and the doings of notable persons, and the editor arranged them as space allowed.

A NATIVE ESPERANTO.

The quick exchange of news from the colonies and abroad was printed in close columns of small type, and readers followed each report with interest; correspondents sent word of events, meetings, shipping, markets and the doings of notable persons, and the editor arranged them as space allowed.

The quick exchange of news from the colonies and abroad was printed in close columns of small type, and readers followed each report with interest; correspondents sent word of events, meetings, shipping, markets and the doings of notable persons, and the editor arranged them as space allowed.

The quick exchange of news from the colonies and abroad was printed in close columns of small type, and readers followed each report with interest; correspondents sent word of events, meetings, shipping, markets and the doings of notable persons, and the editor arranged them as space allowed.

The quick exchange of news from the colonies and abroad was printed in close columns of small type, and readers followed each report with interest; correspondents sent word of events, meetings, shipping, markets and the doings of notable persons, and the editor arranged them as space allowed.

The quick exchange of news from the colonies and abroad was printed in close columns of small type, and readers followed each report with interest; correspondents sent word of events, meetings, shipping, markets and the doings of notable persons, and the editor arranged them as space allowed.

The quick exchange of news from the colonies and abroad was printed in close columns of small type, and readers followed each report with interest; correspondents sent word of events, meetings, shipping, markets and the doings of notable persons, and the editor arranged them as space allowed.

The quick exchange of news from the colonies and abroad was printed in close columns of small type, and readers followed each report with interest; correspondents sent word of events, meetings, shipping, markets and the doings of notable persons, and the editor arranged them as space allowed.

The quick exchange of news from the colonies and abroad was printed in close columns of small type, and readers followed each report with interest; correspondents sent word of events, meetings, shipping, markets and the doings of notable persons, and the editor arranged them as space allowed.

The quick exchange of news from the colonies and abroad was printed in close columns of small type, and readers followed each report with interest; correspondents sent word of events, meetings, shipping, markets and the doings of notable persons, and the editor arranged them as space allowed.

TALES OF THE INDIAN MUTINY.

The quick exchange of news from the colonies and abroad was printed in close columns of small type, and readers followed each report with interest; correspondents sent word of events, meetings, shipping, markets and the doings of notable persons, and the editor arranged them as space allowed.

The quick exchange of news from the colonies and abroad was printed in close columns of small type, and readers followed each report with interest; correspondents sent word of events, meetings, shipping, markets and the doings of notable persons, and the editor arranged them as space allowed.

The quick exchange of news from the colonies and abroad was printed in close columns of small type, and readers followed each report with interest; correspondents sent word of events, meetings, shipping, markets and the doings of notable persons, and the editor arranged them as space allowed.

The quick exchange of news from the colonies and abroad was printed in close columns of small type, and readers followed each report with interest; correspondents sent word of events, meetings, shipping, markets and the doings of notable persons, and the editor arranged them as space allowed.

NO EXPLORERS IN A.D. 5000.

The quick exchange of news from the colonies and abroad was printed in close columns of small type, and readers followed each report with interest; correspondents sent word of events, meetings, shipping, markets and the doings of notable persons, and the editor arranged them as space allowed.

The quick exchange of news from the colonies and abroad was printed in close columns of small type, and readers followed each report with interest; correspondents sent word of events, meetings, shipping, markets and the doings of notable persons, and the editor arranged them as space allowed.

The quick exchange of news from the colonies and abroad was printed in close columns of small type, and readers followed each report with interest; correspondents sent word of events, meetings, shipping, markets and the doings of notable persons, and the editor arranged them as space allowed.

The quick exchange of news from the colonies and abroad was printed in close columns of small type, and readers followed each report with interest; correspondents sent word of events, meetings, shipping, markets and the doings of notable persons, and the editor arranged them as space allowed.

The quick exchange of news from the colonies and abroad was printed in close columns of small type, and readers followed each report with interest; correspondents sent word of events, meetings, shipping, markets and the doings of notable persons, and the editor arranged them as space allowed.

The quick exchange of news from the colonies and abroad was printed in close columns of small type, and readers followed each report with interest; correspondents sent word of events, meetings, shipping, markets and the doings of notable persons, and the editor arranged them as space allowed.

The quick exchange of news from the colonies and abroad was printed in close columns of small type, and readers followed each report with interest; correspondents sent word of events, meetings, shipping, markets and the doings of notable persons, and the editor arranged them as space allowed.

The quick exchange of news from the colonies and abroad was printed in close columns of small type, and readers followed each report with interest; correspondents sent word of events, meetings, shipping, markets and the doings of notable persons, and the editor arranged them as space allowed.

The quick exchange of news from the colonies and abroad was printed in close columns of small type, and readers followed each report with interest; correspondents sent word of events, meetings, shipping, markets and the doings of notable persons, and the editor arranged them as space allowed.

NEW PACIFIC CABLE.

The quick exchange of news from the colonies and abroad was printed in close columns of small type, and readers followed each report with interest; correspondents sent word of events, meetings, shipping, markets and the doings of notable persons, and the editor arranged them as space allowed.

The quick exchange of news from the colonies and abroad was printed in close columns of small type, and readers followed each report with interest; correspondents sent word of events, meetings, shipping, markets and the doings of notable persons, and the editor arranged them as space allowed.

The quick exchange of news from the colonies and abroad was printed in close columns of small type, and readers followed each report with interest; correspondents sent word of events, meetings, shipping, markets and the doings of notable persons, and the editor arranged them as space allowed.

The quick exchange of news from the colonies and abroad was printed in close columns of small type, and readers followed each report with interest; correspondents sent word of events, meetings, shipping, markets and the doings of notable persons, and the editor arranged them as space allowed.

The quick exchange of news from the colonies and abroad was printed in close columns of small type, and readers followed each report with interest; correspondents sent word of events, meetings, shipping, markets and the doings of notable persons, and the editor arranged them as space allowed.

The quick exchange of news from the colonies and abroad was printed in close columns of small type, and readers followed each report with interest; correspondents sent word of events, meetings, shipping, markets and the doings of notable persons, and the editor arranged them as space allowed.

The quick exchange of news from the colonies and abroad was printed in close columns of small type, and readers followed each report with interest; correspondents sent word of events, meetings, shipping, markets and the doings of notable persons, and the editor arranged them as space allowed.

The quick exchange of news from the colonies and abroad was printed in close columns of small type, and readers followed each report with interest; correspondents sent word of events, meetings, shipping, markets and the doings of notable persons, and the editor arranged them as space allowed.

The quick exchange of news from the colonies and abroad was printed in close columns of small type, and readers followed each report with interest; correspondents sent word of events, meetings, shipping, markets and the doings of notable persons, and the editor arranged them as space allowed.

GERMAN SHIPS TO SOUTH AMERICA.

The quick exchange of news from the colonies and abroad was printed in close columns of small type, and readers followed each report with interest; correspondents sent word of events, meetings, shipping, markets and the doings of notable persons, and the editor arranged them as space allowed.

The quick exchange of news from the colonies and abroad was printed in close columns of small type, and readers followed each report with interest; correspondents sent word of events, meetings, shipping, markets and the doings of notable persons, and the editor arranged them as space allowed.

The quick exchange of news from the colonies and abroad was printed in close columns of small type, and readers followed each report with interest; correspondents sent word of events, meetings, shipping, markets and the doings of notable persons, and the editor arranged them as space allowed.

The quick exchange of news from the colonies and abroad was printed in close columns of small type, and readers followed each report with interest; correspondents sent word of events, meetings, shipping, markets and the doings of notable persons, and the editor arranged them as space allowed.

The quick exchange of news from the colonies and abroad was printed in close columns of small type, and readers followed each report with interest; correspondents sent word of events, meetings, shipping, markets and the doings of notable persons, and the editor arranged them as space allowed.

The quick exchange of news from the colonies and abroad was printed in close columns of small type, and readers followed each report with interest; correspondents sent word of events, meetings, shipping, markets and the doings of notable persons, and the editor arranged them as space allowed.

The quick exchange of news from the colonies and abroad was printed in close columns of small type, and readers followed each report with interest; correspondents sent word of events, meetings, shipping, markets and the doings of notable persons, and the editor arranged them as space allowed.

The quick exchange of news from the colonies and abroad was printed in close columns of small type, and readers followed each report with interest; correspondents sent word of events, meetings, shipping, markets and the doings of notable persons, and the editor arranged them as space allowed.

The quick exchange of news from the colonies and abroad was printed in close columns of small type, and readers followed each report with interest; correspondents sent word of events, meetings, shipping, markets and the doings of notable persons, and the editor arranged them as space allowed.

GOLD MINES IN BRITAIN

The quick exchange of news from the colonies and abroad was printed in close columns of small type, and readers followed each report with interest; correspondents sent word of events, meetings, shipping, markets and the doings of notable persons, and the editor arranged them as space allowed.

The quick exchange of news from the colonies and abroad was printed in close columns of small type, and readers followed each report with interest; correspondents sent word of events, meetings, shipping, markets and the doings of notable persons, and the editor arranged them as space allowed.

The quick exchange of news from the colonies and abroad was printed in close columns of small type, and readers followed each report with interest; correspondents sent word of events, meetings, shipping, markets and the doings of notable persons, and the editor arranged them as space allowed.

The quick exchange of news from the colonies and abroad was printed in close columns of small type, and readers followed each report with interest; correspondents sent word of events, meetings, shipping, markets and the doings of notable persons, and the editor arranged them as space allowed.

CHINESE IN QUEENSLAND

The quick exchange of news from the colonies and abroad was printed in close columns of small type, and readers followed each report with interest; correspondents sent word of events, meetings, shipping, markets and the doings of notable persons, and the editor arranged them as space allowed.

The quick exchange of news from the colonies and abroad was printed in close columns of small type, and readers followed each report with interest; correspondents sent word of events, meetings, shipping, markets and the doings of notable persons, and the editor arranged them as space allowed.

The quick exchange of news from the colonies and abroad was printed in close columns of small type, and readers followed each report with interest; correspondents sent word of events, meetings, shipping, markets and the doings of notable persons, and the editor arranged them as space allowed.

The quick exchange of news from the colonies and abroad was printed in close columns of small type, and readers followed each report with interest; correspondents sent word of events, meetings, shipping, markets and the doings of notable persons, and the editor arranged them as space allowed.

The quick exchange of news from the colonies and abroad was printed in close columns of small type, and readers followed each report with interest; correspondents sent word of events, meetings, shipping, markets and the doings of notable persons, and the editor arranged them as space allowed.

The quick exchange of news from the colonies and abroad was printed in close columns of small type, and readers followed each report with interest; correspondents sent word of events, meetings, shipping, markets and the doings of notable persons, and the editor arranged them as space allowed.

The quick exchange of news from the colonies and abroad was printed in close columns of small type, and readers followed each report with interest; correspondents sent word of events, meetings, shipping, markets and the doings of notable persons, and the editor arranged them as space allowed.

The quick exchange of news from the colonies and abroad was printed in close columns of small type, and readers followed each report with interest; correspondents sent word of events, meetings, shipping, markets and the doings of notable persons, and the editor arranged them as space allowed.

The quick exchange of news from the colonies and abroad was printed in close columns of small type, and readers followed each report with interest; correspondents sent word of events, meetings, shipping, markets and the doings of notable persons, and the editor arranged them as space allowed.

WOMAN'S SHOCKING DEATH.

The quick exchange of news from the colonies and abroad was printed in close columns of small type, and readers followed each report with interest; correspondents sent word of events, meetings, shipping, markets and the doings of notable persons, and the editor arranged them as space allowed.

The quick exchange of news from the colonies and abroad was printed in close columns of small type, and readers followed each report with interest; correspondents sent word of events, meetings, shipping, markets and the doings of notable persons, and the editor arranged them as space allowed.

The quick exchange of news from the colonies and abroad was printed in close columns of small type, and readers followed each report with interest; correspondents sent word of events, meetings, shipping, markets and the doings of notable persons, and the editor arranged them as space allowed.

The quick exchange of news from the colonies and abroad was printed in close columns of small type, and readers followed each report with interest; correspondents sent word of events, meetings, shipping, markets and the doings of notable persons, and the editor arranged them as space allowed.

The quick exchange of news from the colonies and abroad was printed in close columns of small type, and readers followed each report with interest; correspondents sent word of events, meetings, shipping, markets and the doings of notable persons, and the editor arranged them as space allowed.

The quick exchange of news from the colonies and abroad was printed in close columns of small type, and readers followed each report with interest; correspondents sent word of events, meetings, shipping, markets and the doings of notable persons, and the editor arranged them as space allowed.

The quick exchange of news from the colonies and abroad was printed in close columns of small type, and readers followed each report with interest; correspondents sent word of events, meetings, shipping, markets and the doings of notable persons, and the editor arranged them as space allowed.

The quick exchange of news from the colonies and abroad was printed in close columns of small type, and readers followed each report with interest; correspondents sent word of events, meetings, shipping, markets and the doings of notable persons, and the editor arranged them as space allowed.

The quick exchange of news from the colonies and abroad was printed in close columns of small type, and readers followed each report with interest; correspondents sent word of events, meetings, shipping, markets and the doings of notable persons, and the editor arranged them as space allowed.

SWEPT THROUGH A SEWER.

The quick exchange of news from the colonies and abroad was printed in close columns of small type, and readers followed each report with interest; correspondents sent word of events, meetings, shipping, markets and the doings of notable persons, and the editor arranged them as space allowed.

The quick exchange of news from the colonies and abroad was printed in close columns of small type, and readers followed each report with interest; correspondents sent word of events, meetings, shipping, markets and the doings of notable persons, and the editor arranged them as space allowed.

The quick exchange of news from the colonies and abroad was printed in close columns of small type, and readers followed each report with interest; correspondents sent word of events, meetings, shipping, markets and the doings of notable persons, and the editor arranged them as space allowed.

The quick exchange of news from the colonies and abroad was printed in close columns of small type, and readers followed each report with interest; correspondents sent word of events, meetings, shipping, markets and the doings of notable persons, and the editor arranged them as space allowed.

The quick exchange of news from the colonies and abroad was printed in close columns of small type, and readers followed each report with interest; correspondents sent word of events, meetings, shipping, markets and the doings of notable persons, and the editor arranged them as space allowed.

The quick exchange of news from the colonies and abroad was printed in close columns of small type, and readers followed each report with interest; correspondents sent word of events, meetings, shipping, markets and the doings of notable persons, and the editor arranged them as space allowed.

The quick exchange of news from the colonies and abroad was printed in close columns of small type, and readers followed each report with interest; correspondents sent word of events, meetings, shipping, markets and the doings of notable persons, and the editor arranged them as space allowed.

The quick exchange of news from the colonies and abroad was printed in close columns of small type, and readers followed each report with interest; correspondents sent word of events, meetings, shipping, markets and the doings of notable persons, and the editor arranged them as space allowed.

The quick exchange of news from the colonies and abroad was printed in close columns of small type, and readers followed each report with interest; correspondents sent word of events, meetings, shipping, markets and the doings of notable persons, and the editor arranged them as space allowed.

The Red Post
FURNISHING WAREHOUSE
Devon Street	New Plymouth.
DO YOU REQUIRE A
NEW BEDSTEAD?
If so, now is your opportunity. We have just landed ex Tongariro and Shirvo OVER ONE HUNDRED new and choice designs in Black and Brass Bedsteads.
The prices are 25 per cent. less than usual. Also a few slightly damaged in transit at HALF COST.
J. HAYDEN
YOU CAN GET IT CHEAPER AT THE RED POST.
FISH has an exquisite delicacy imparted to it by the addition of
LEA & PERRINS'
SAUCE
This celebrated sauce is also an excellent flavouring for
SOUPS, STEWS, HASHES, &c.
NICHOLLS AND SON
Successors to THE MOA FARMERS' UNION, Ltd.,
are holding a
CLEARING SALE
in the
DRAPERY, CLOTHING AND BOOT DEPARTMENTS
To February 27th inst.
EXTRA DISCOUNTS ON ALL GOODS, MANY ATTRACTIVE LINES, JOB-BING AT AND BELOW COST.
KINDLY NOTE that this is a SPECIAL SACRIFICING SALE, to ensure you. Take advantage of the opportunity.
On and after the end of the month we shall run our business on Strict CASH LINES, and hope by a short time to convince our friends of the advantage of that style of trading.
OUTSTANDING ACCOUNTS.--All bills owing for six months or over, if not paid by 10th proximo, will be put in by the liquidators of the Moa Farmers' Union, without further notice.
NICHOLLS AND SON
INGLEWOOD.
BORTHWICK'S
STANDARD FERTILISERS
(BB) Blood and Bone
(O) Oatmeal Grass
(PG) Permanent Grass
(T) Turnip
(M) Mangold
(P) Potato
(L) Legume
(G) Grain
(R) Rape
THESE Standard Brands of Fertilisers are constituted so as to yield the maximum of efficiency when applied to the crops for which they are adapted, and their constituents are so balanced that every pound paid gives the highest return for the money invested in them.
Our Manure Department is under the control of a trained and experienced Agricultural Chemist, whose services and advice are at the disposal of our clients free of cost.
Special Brands of Fertilisers to suit special requirements
Customers' mills a Special free of charge.
Price list and particulars of analyses on application.
Agents for HASELL'S SUPERPHOSPHATES.
FREEZING WORKS:
WAITARA AND HAWERA.
THOS. BORTHWICK AND SONS
(AUSTRALASIA) LTD.
Your Infant Will Thrive:
NEAVE'S FOOD is a PERFECTLY SAFE FOOD for the most delicate child, if used according to the directions given. It assists teething, is a valuable bone-former, relieves constipation, and is a complete diet for Infants.
Neave's Food
"Dear Sirs,--I enclose a photo of our youngest child Ronald, who is five and a-half years old. He was an extremely delicate child, only weighing three pounds at birth, and had nothing but Neave's Food. Now he is a sturdy boy, strong and healthy."
"LUCY E. KIRK."
Manufacturers: Josiah R. Neave & Co., Fordingbridge, England.
Purveyors by Special Appointment to
H.I.M. THE EMPRESS OF RUSSIA.
